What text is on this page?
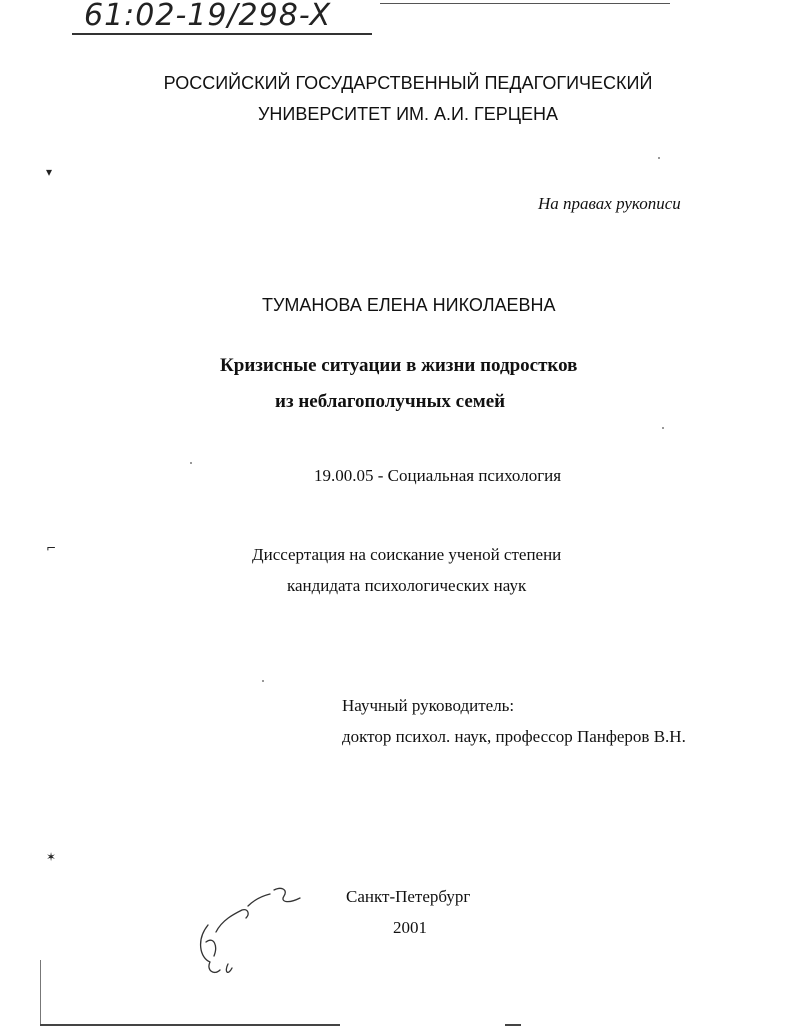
61:02-19/298-X
▾
⌐
✶
РОССИЙСКИЙ ГОСУДАРСТВЕННЫЙ ПЕДАГОГИЧЕСКИЙ
УНИВЕРСИТЕТ ИМ. А.И. ГЕРЦЕНА
На правах рукописи
ТУМАНОВА ЕЛЕНА НИКОЛАЕВНА
Кризисные ситуации в жизни подростков
из неблагополучных семей
19.00.05 - Социальная психология
Диссертация на соискание ученой степени
кандидата психологических наук
Научный руководитель:
доктор психол. наук, профессор Панферов В.Н.
Санкт-Петербург
2001
